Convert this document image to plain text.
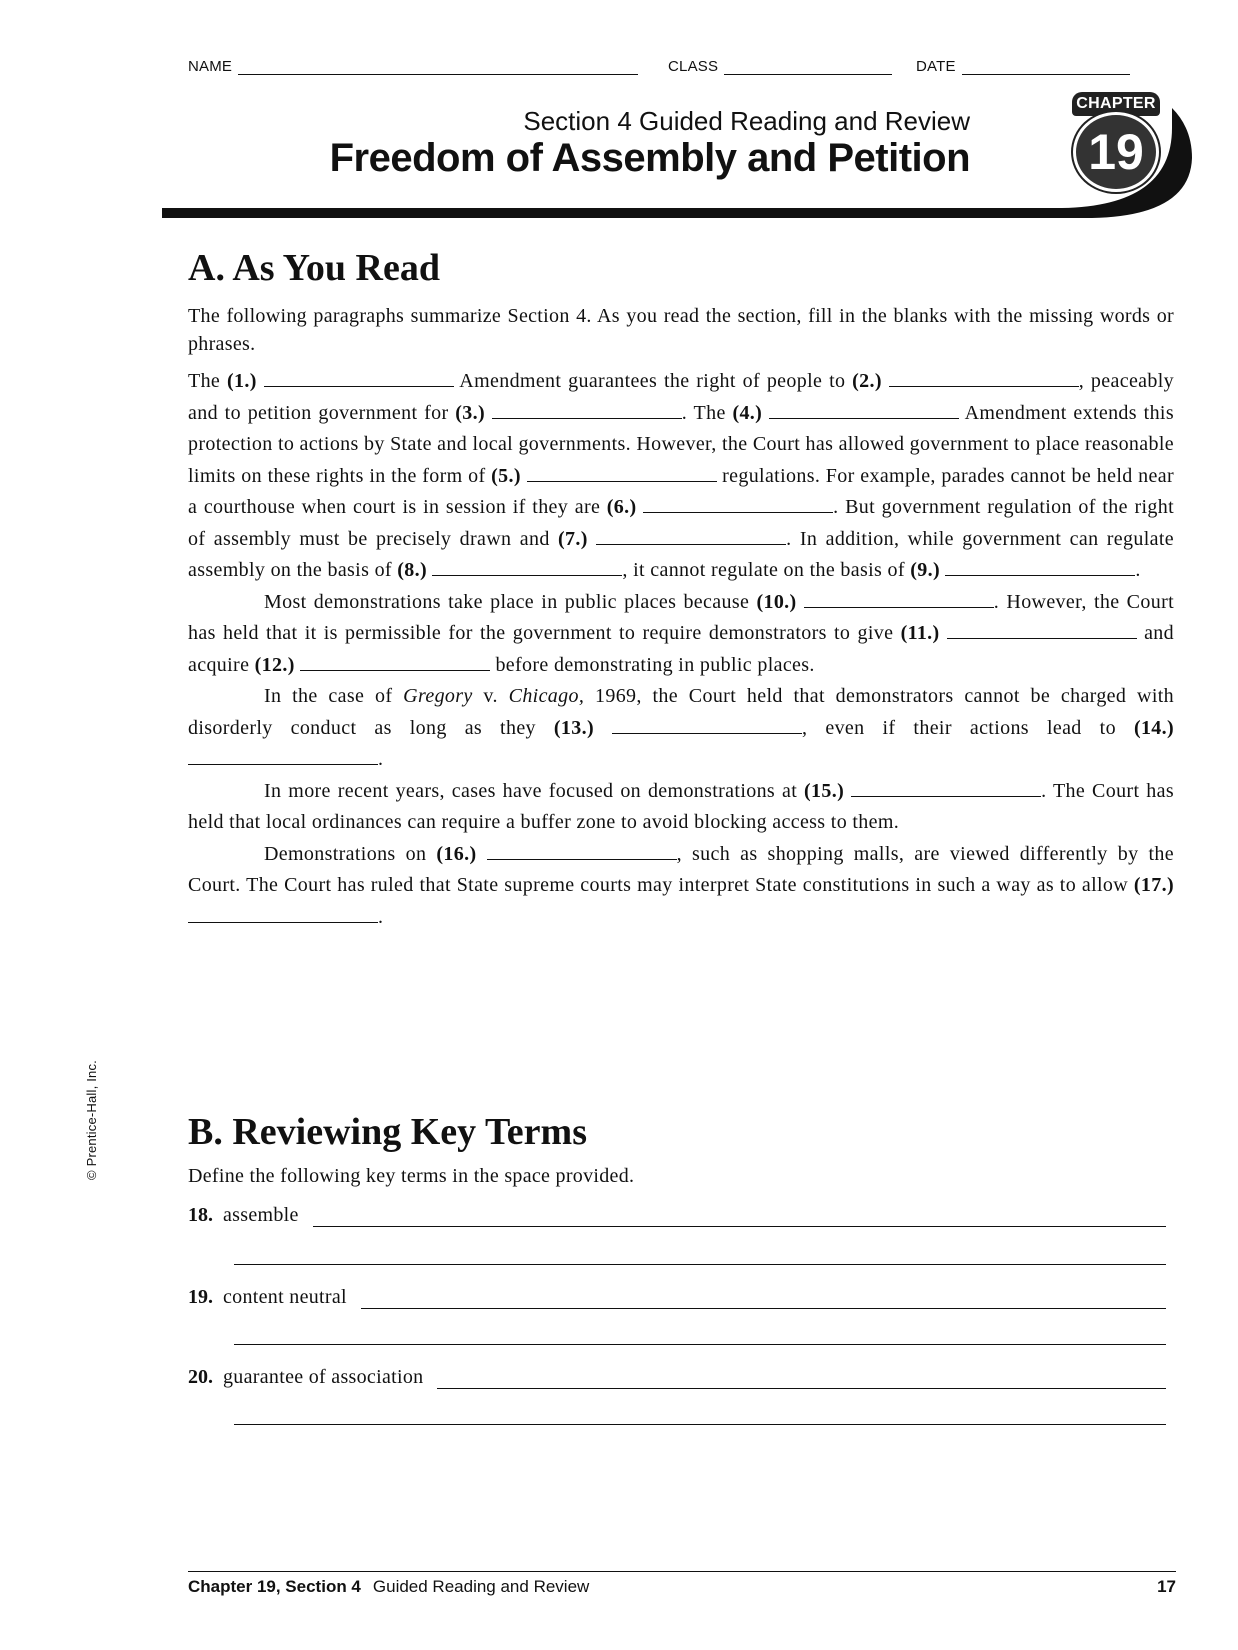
NAME	CLASS	DATE
Section 4 Guided Reading and Review
Freedom of Assembly and Petition
CHAPTER
19
A. As You Read
The following paragraphs summarize Section 4. As you read the section, fill in the blanks with the missing words or phrases.

The (1.)	Amendment guarantees the right of people to (2.)	, peaceably and to petition government for (3.)	. The (4.)	Amendment extends this protection to actions by State and local governments. However, the Court has allowed government to place reasonable limits on these rights in the form of (5.)	regulations. For example, parades cannot be held near a courthouse when court is in session if they are (6.)	. But government regulation of the right of assembly must be precisely drawn and (7.)	. In addition, while government can regulate assembly on the basis of (8.)	, it cannot regulate on the basis of (9.)	.

Most demonstrations take place in public places because (10.)	. However, the Court has held that it is permissible for the government to require demonstrators to give (11.)	and acquire (12.)	before demonstrating in public places.

In the case of Gregory v. Chicago, 1969, the Court held that demonstrators cannot be charged with disorderly conduct as long as they (13.)	, even if their actions lead to (14.) .

In more recent years, cases have focused on demonstrations at (15.)	. The Court has held that local ordinances can require a buffer zone to avoid blocking access to them.

Demonstrations on (16.)	, such as shopping malls, are viewed differently by the Court. The Court has ruled that State supreme courts may interpret State constitutions in such a way as to allow (17.) .

B. Reviewing Key Terms
Define the following key terms in the space provided.
18. assemble
19. content neutral
20. guarantee of association
© Prentice-Hall, Inc.
Chapter 19, Section 4 Guided Reading and Review	17
